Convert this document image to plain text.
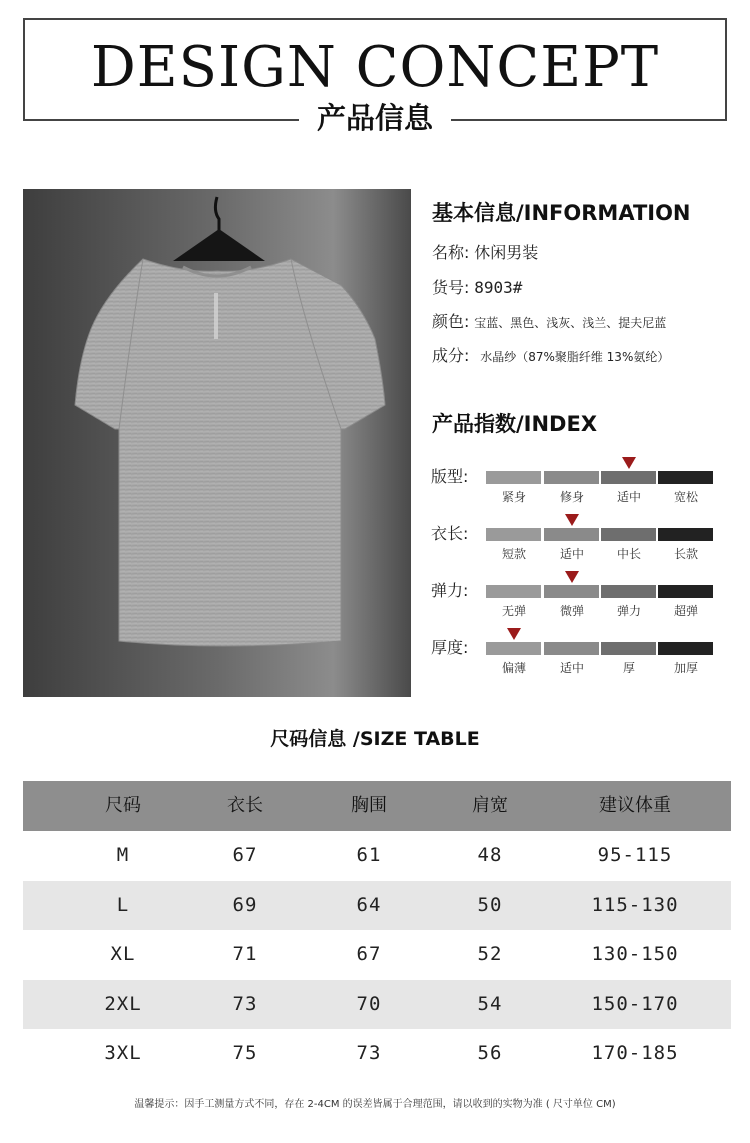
DESIGN CONCEPT
产品信息
基本信息/INFORMATION
名称: 休闲男装
货号: 8903#
颜色: 宝蓝、黑色、浅灰、浅兰、提夫尼蓝
成分: 水晶纱（87%聚脂纤维 13%氨纶）
产品指数/INDEX
版型:
紧身	修身	适中	宽松
衣长:
短款	适中	中长	长款
弹力:
无弹	微弹	弹力	超弹
厚度:
偏薄	适中	厚	加厚
尺码信息 /SIZE TABLE
尺码	衣长	胸围	肩宽	建议体重
M	67	61	48	95-115
L	69	64	50	115-130
XL	71	67	52	130-150
2XL	73	70	54	150-170
3XL	75	73	56	170-185
温馨提示：因手工测量方式不同，存在 2-4CM 的误差皆属于合理范围，请以收到的实物为准 ( 尺寸单位 CM)
